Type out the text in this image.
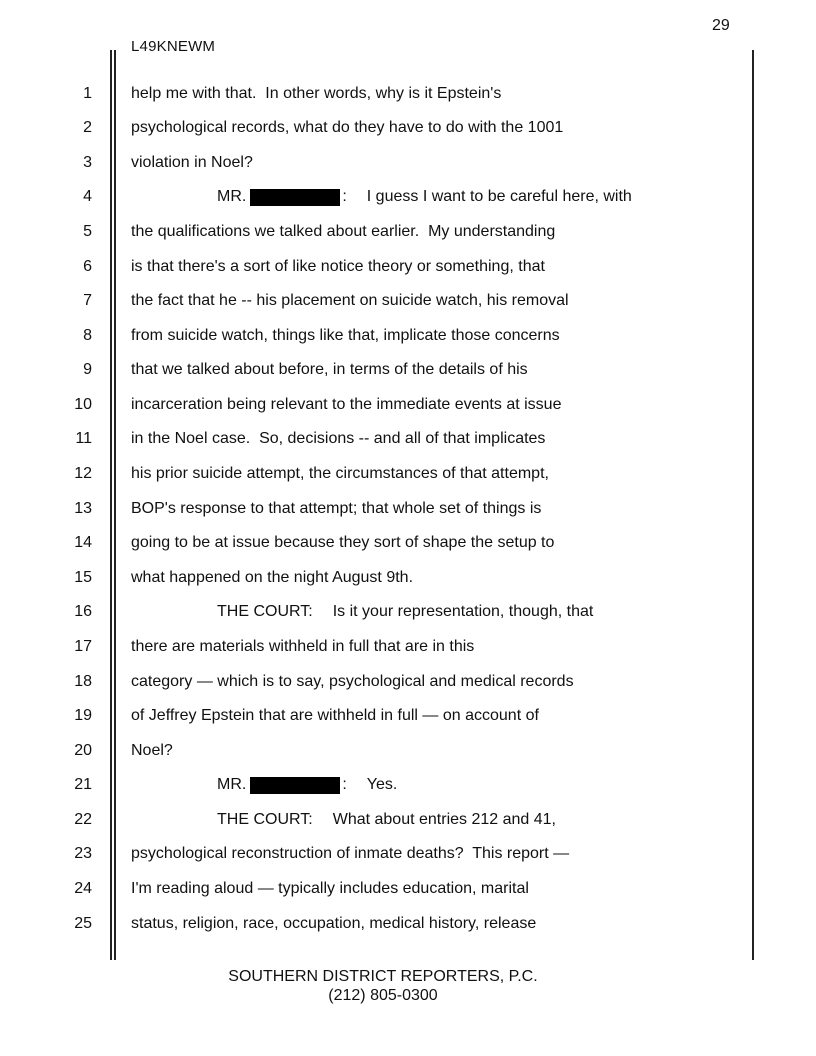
29
L49KNEWM
1 help me with that.  In other words, why is it Epstein's
2 psychological records, what do they have to do with the 1001
3 violation in Noel?
4	MR.	: I guess I want to be careful here, with
5 the qualifications we talked about earlier.  My understanding
6 is that there's a sort of like notice theory or something, that
7 the fact that he -- his placement on suicide watch, his removal
8 from suicide watch, things like that, implicate those concerns
9 that we talked about before, in terms of the details of his
10 incarceration being relevant to the immediate events at issue
11 in the Noel case.  So, decisions -- and all of that implicates
12 his prior suicide attempt, the circumstances of that attempt,
13 BOP's response to that attempt; that whole set of things is
14 going to be at issue because they sort of shape the setup to
15 what happened on the night August 9th.
16	THE COURT: Is it your representation, though, that
17 there are materials withheld in full that are in this
18 category — which is to say, psychological and medical records
19 of Jeffrey Epstein that are withheld in full — on account of
20 Noel?
21	MR.	: Yes.
22	THE COURT: What about entries 212 and 41,
23 psychological reconstruction of inmate deaths?  This report —
24 I'm reading aloud — typically includes education, marital
25 status, religion, race, occupation, medical history, release
SOUTHERN DISTRICT REPORTERS, P.C.
(212) 805-0300
